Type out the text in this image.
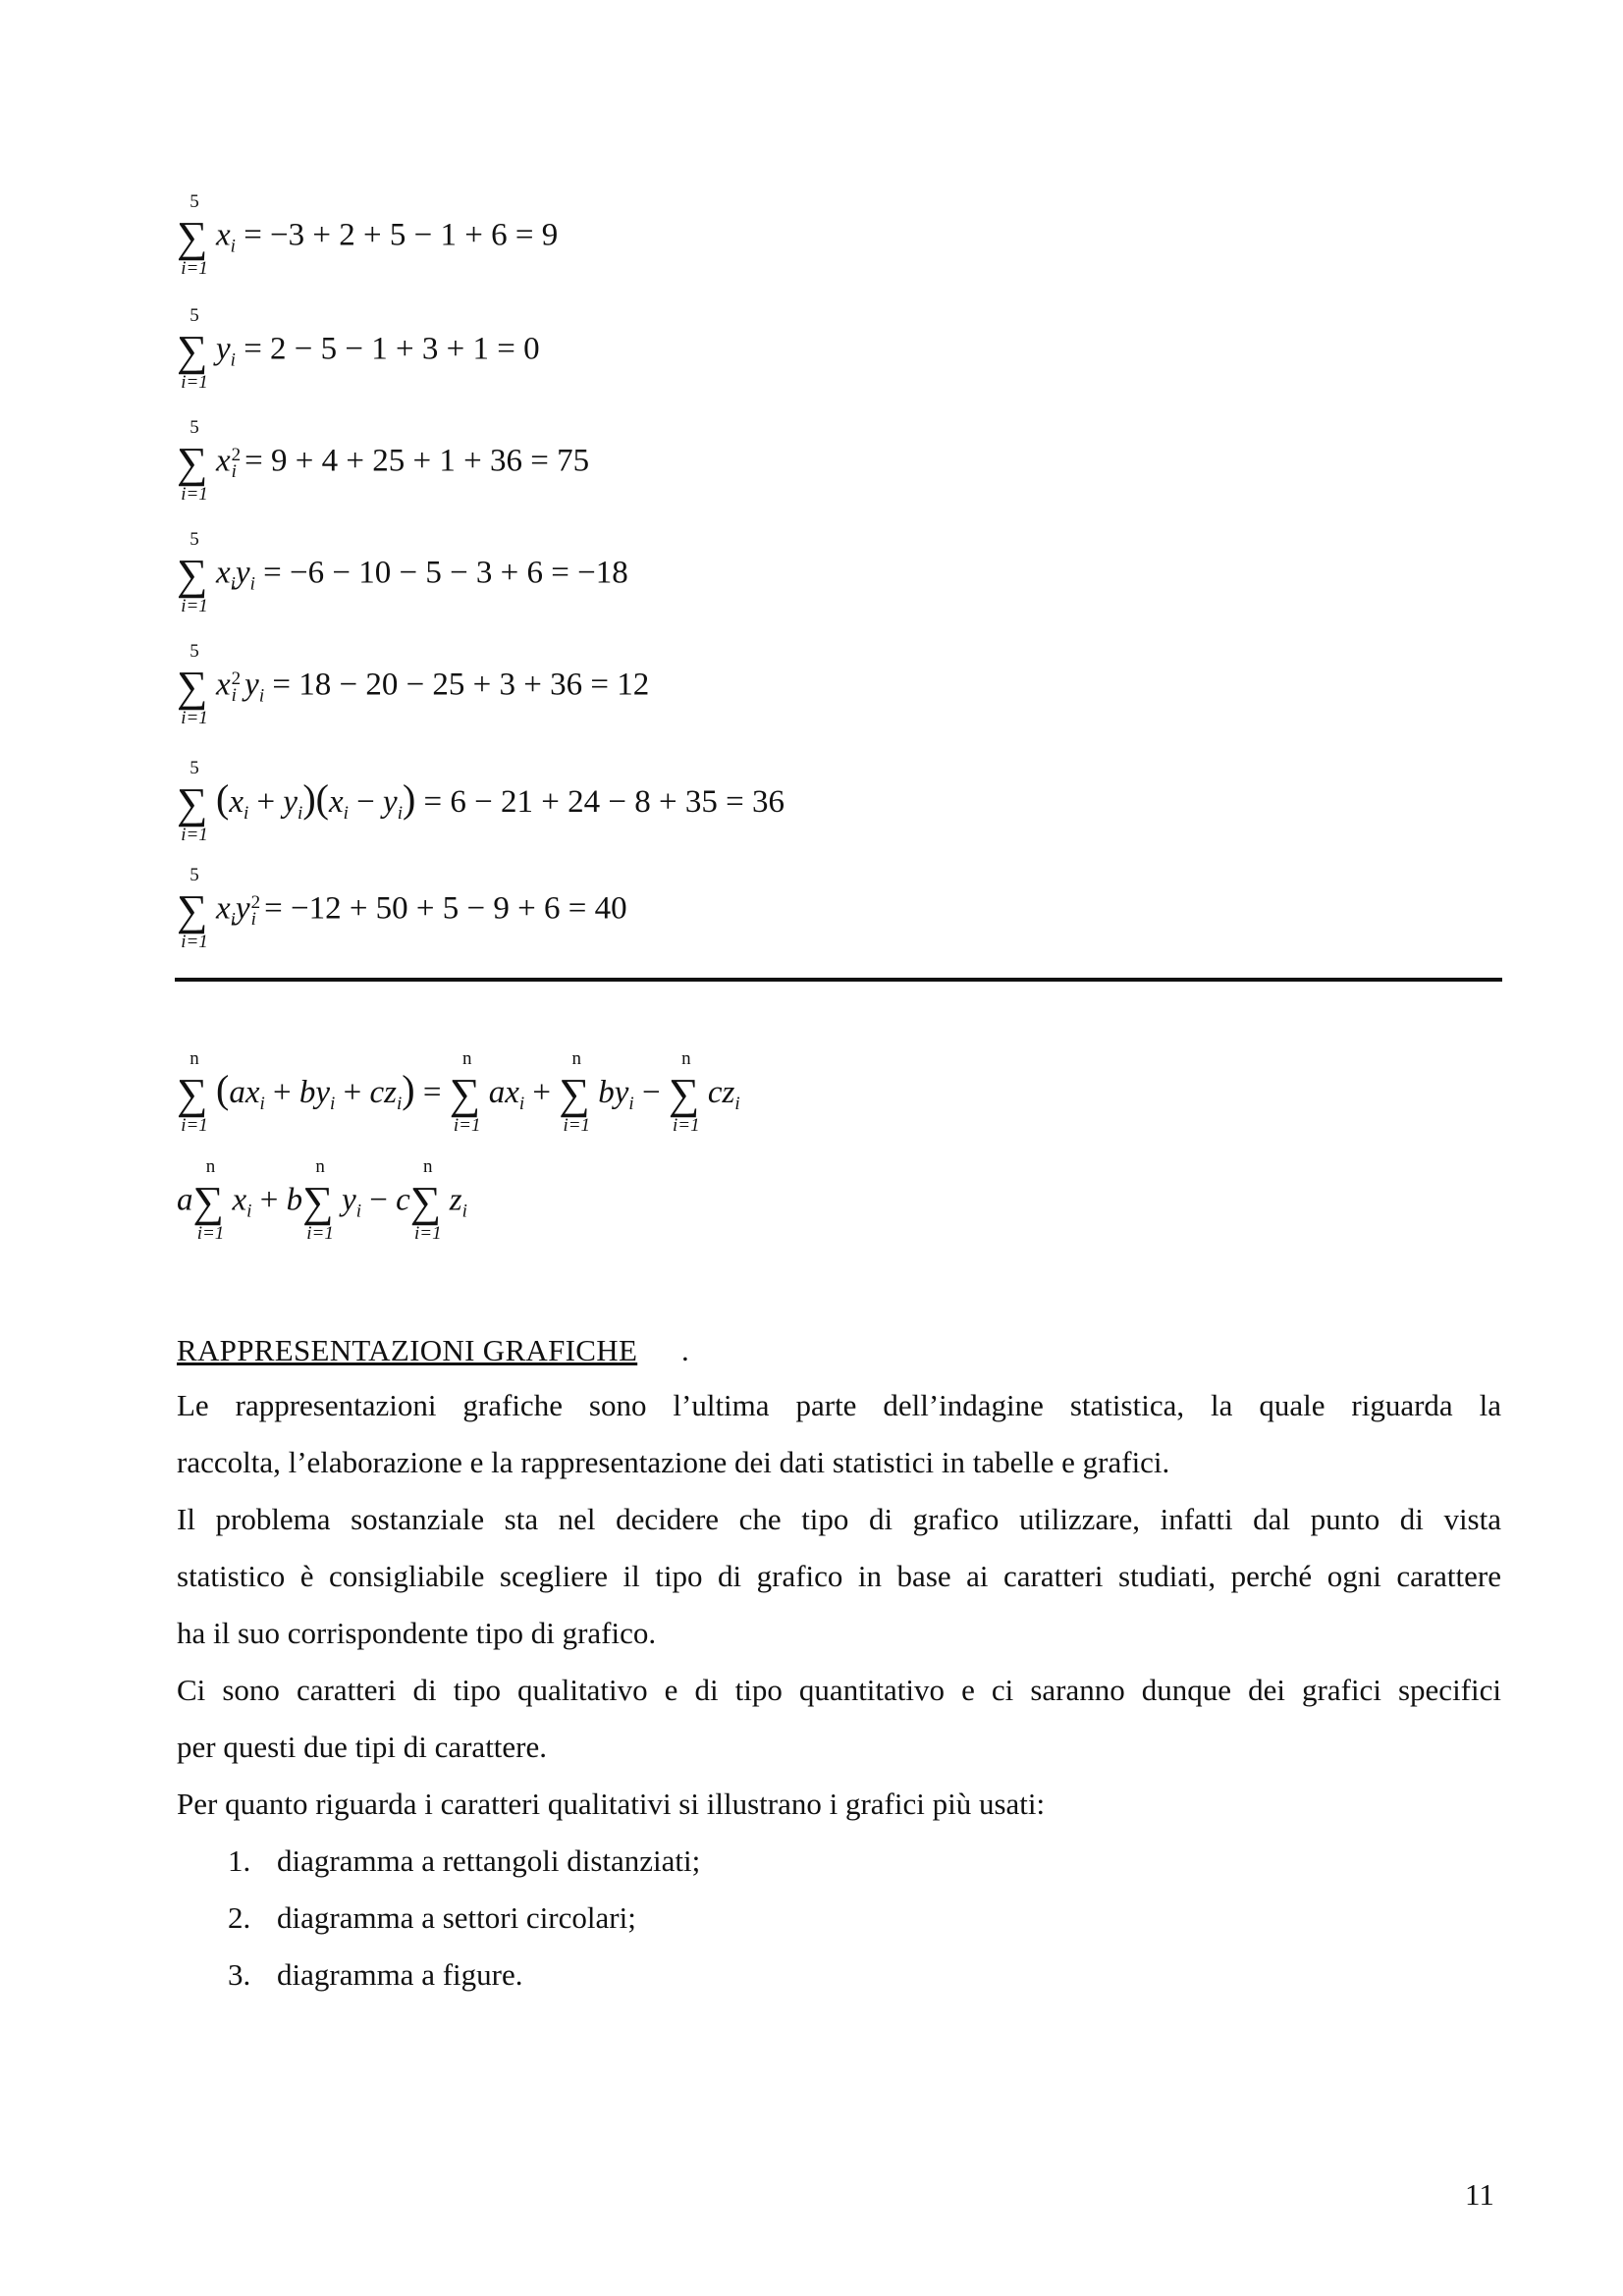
5
∑
i=1
$x_i = -3 + 2 + 5 - 1 + 6 = 9$
5
∑
i=1
$y_i = 2 - 5 - 1 + 3 + 1 = 0$
5
∑
i=1
x 2
i = 9 + 4 + 25 + 1 + 36 = 75
5
∑
i=1
$x_iy_i = -6 - 10 - 5 - 3 + 6 = -18$
5
∑
i=1
x 2
i $y_i = 18 - 20 - 25 + 3 + 36 = 12$
5
∑
i=1
$(x_i + y_i)(x_i - y_i) = 6 - 21 + 24 - 8 + 35 = 36$
5
∑
i=1
$x_iy$ 2
i = −12 + 50 + 5 − 9 + 6 = 40
n
∑
i=1
$(ax_i + by_i + cz_i)$ =
n
∑
i=1
$ax_i$ +
n
∑
i=1
$by_i$ −
n
∑
i=1
$cz_i$
a
n
∑
i=1
$x_i + b$
n
∑
i=1
$y_i - c$
n
∑
i=1
$z_i$
RAPPRESENTAZIONI GRAFICHE .
Le rappresentazioni grafiche sono l’ultima parte dell’indagine statistica, la quale riguarda la
raccolta, l’elaborazione e la rappresentazione dei dati statistici in tabelle e grafici.
Il problema sostanziale sta nel decidere che tipo di grafico utilizzare, infatti dal punto di vista
statistico è consigliabile scegliere il tipo di grafico in base ai caratteri studiati, perché ogni carattere
ha il suo corrispondente tipo di grafico.
Ci sono caratteri di tipo qualitativo e di tipo quantitativo e ci saranno dunque dei grafici specifici
per questi due tipi di carattere.
Per quanto riguarda i caratteri qualitativi si illustrano i grafici più usati:
1. diagramma a rettangoli distanziati;
2. diagramma a settori circolari;
3. diagramma a figure.
11
